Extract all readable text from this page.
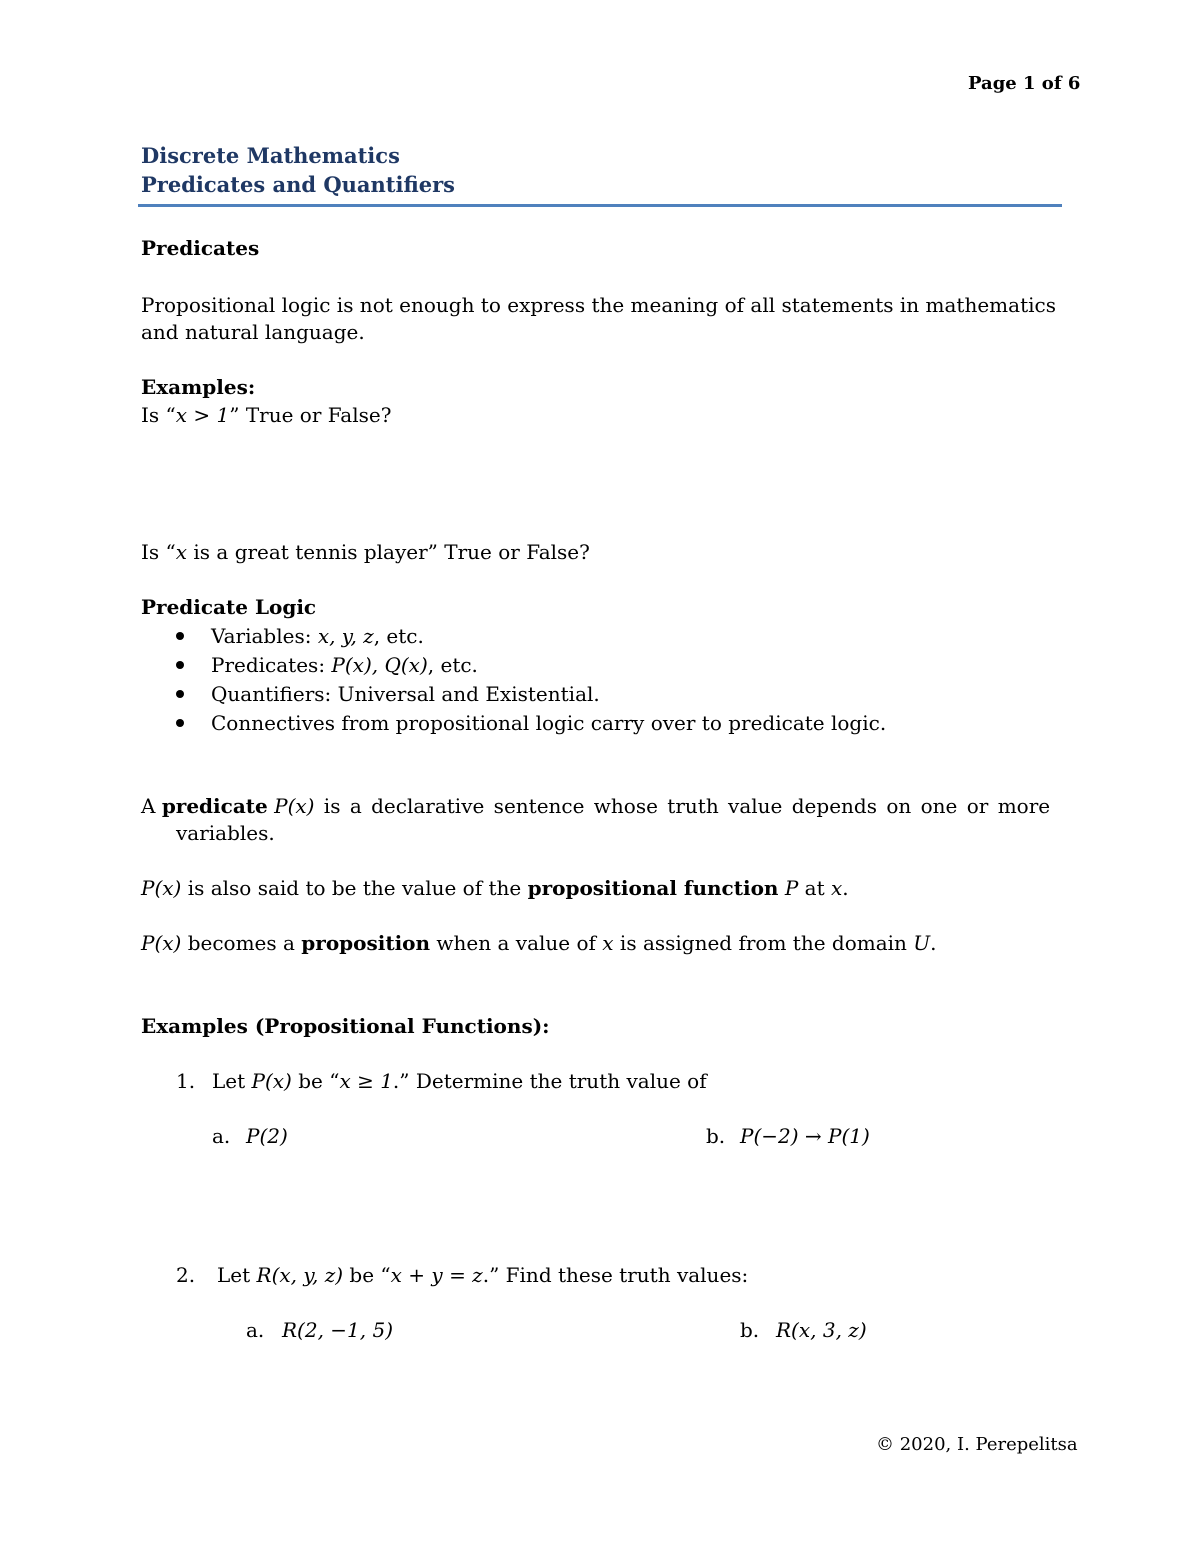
Page 1 of 6
Discrete Mathematics
Predicates and Quantifiers
Predicates
Propositional logic is not enough to express the meaning of all statements in mathematics
and natural language.
Examples:
Is “x > 1” True or False?
Is “x is a great tennis player” True or False?
Predicate Logic
Variables: x, y, z, etc.
Predicates: P(x), Q(x), etc.
Quantifiers: Universal and Existential.
Connectives from propositional logic carry over to predicate logic.
A predicate P(x) is a declarative sentence whose truth value depends on one or more
variables.
P(x) is also said to be the value of the propositional function P at x.
P(x) becomes a proposition when a value of x is assigned from the domain U.
Examples (Propositional Functions):
1. Let P(x) be “x ≥ 1.” Determine the truth value of
a. P(2)	b. P(−2) → P(1)
2. Let R(x, y, z) be “x + y = z.” Find these truth values:
a. R(2, −1, 5)	b. R(x, 3, z)
© 2020, I. Perepelitsa
